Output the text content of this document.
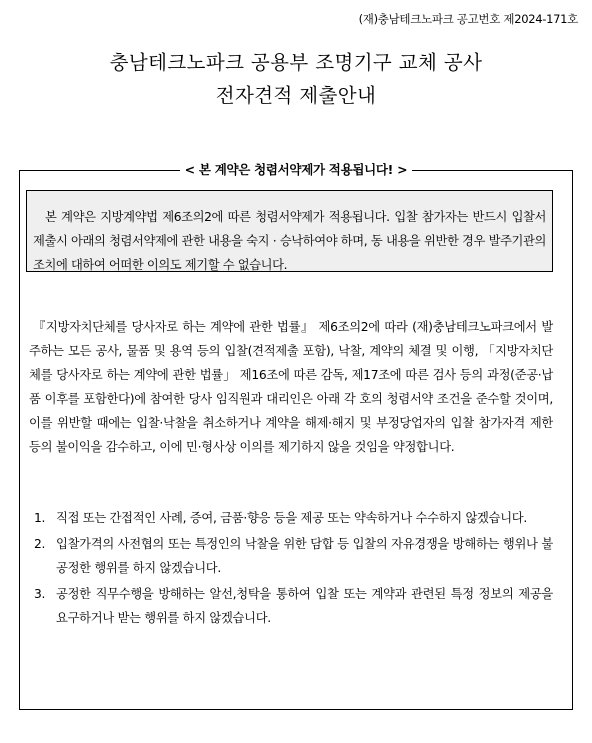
(재)충남테크노파크 공고번호 제2024-171호
충남테크노파크 공용부 조명기구 교체 공사
전자견적 제출안내
< 본 계약은 청렴서약제가 적용됩니다! >

본 계약은 지방계약법 제6조의2에 따른 청렴서약제가 적용됩니다. 입찰 참가자는 반드시 입찰서 제출시 아래의 청렴서약제에 관한 내용을 숙지 · 승낙하여야 하며, 동 내용을 위반한 경우 발주기관의 조치에 대하여 어떠한 이의도 제기할 수 없습니다.

『지방자치단체를 당사자로 하는 계약에 관한 법률』 제6조의2에 따라 (재)충남테크노파크에서 발주하는 모든 공사, 물품 및 용역 등의 입찰(견적제출 포함), 낙찰, 계약의 체결 및 이행, 「지방자치단체를 당사자로 하는 계약에 관한 법률」 제16조에 따른 감독, 제17조에 따른 검사 등의 과정(준공·납품 이후를 포함한다)에 참여한 당사 임직원과 대리인은 아래 각 호의 청렴서약 조건을 준수할 것이며, 이를 위반할 때에는 입찰·낙찰을 취소하거나 계약을 해제·해지 및 부정당업자의 입찰 참가자격 제한 등의 불이익을 감수하고, 이에 민·형사상 이의를 제기하지 않을 것임을 약정합니다.

1. 직접 또는 간접적인 사례, 증여, 금품·향응 등을 제공 또는 약속하거나 수수하지 않겠습니다.
2. 입찰가격의 사전협의 또는 특정인의 낙찰을 위한 담합 등 입찰의 자유경쟁을 방해하는 행위나 불공정한 행위를 하지 않겠습니다.
3. 공정한 직무수행을 방해하는 알선,청탁을 통하여 입찰 또는 계약과 관련된 특정 정보의 제공을 요구하거나 받는 행위를 하지 않겠습니다.
